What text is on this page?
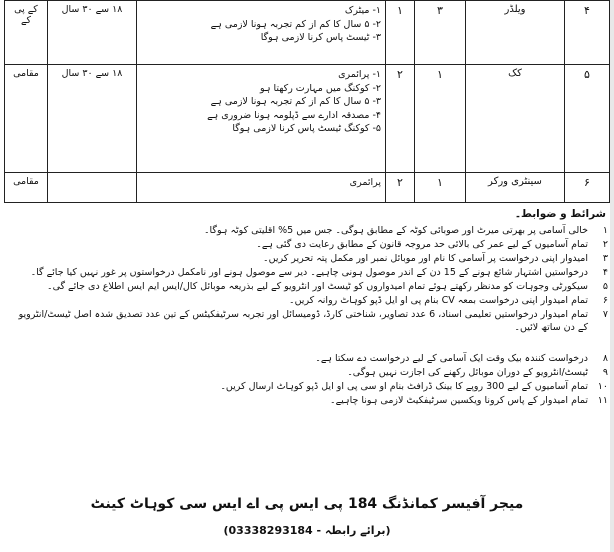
۴	ویلڈر	۳	۱	۱- میٹرک
۲- ۵ سال کا کم از کم تجربہ ہونا لازمی ہے
۳- ٹیسٹ پاس کرنا لازمی ہوگا	۱۸ سے ۳۰ سال	کے پی کے
۵	کک	۱	۲	۱- پرائمری
۲- کوکنگ میں مہارت رکھتا ہو
۳- ۵ سال کا کم از کم تجربہ ہونا لازمی ہے
۴- مصدقہ ادارے سے ڈپلومہ ہونا ضروری ہے
۵- کوکنگ ٹیسٹ پاس کرنا لازمی ہوگا	۱۸ سے ۳۰ سال	مقامی
۶	سینٹری ورکر	۱	۲	پرائمری		مقامی
شرائط و ضوابط۔
۱
خالی آسامی پر بھرتی میرٹ اور صوبائی کوٹہ کے مطابق ہوگی۔ جس میں 5% اقلیتی کوٹہ ہوگا۔
۲
تمام آسامیوں کے لیے عمر کی بالائی حد مروجہ قانون کے مطابق رعایت دی گئی ہے۔
۳
امیدوار اپنی درخواست پر آسامی کا نام اور موبائل نمبر اور مکمل پتہ تحریر کریں۔
۴
درخواستیں اشتہار شائع ہونے کے 15 دن کے اندر موصول ہونی چاہیے۔ دیر سے موصول ہونے اور نامکمل درخواستوں پر غور نہیں کیا جائے گا۔
۵
سیکورٹی وجوہات کو مدنظر رکھتے ہوئے تمام امیدواروں کو ٹیسٹ اور انٹرویو کے لیے بذریعہ موبائل کال/ایس ایم ایس اطلاع دی جائے گی۔
۶
تمام امیدوار اپنی درخواست بمعہ CV بنام پی او ایل ڈپو کوہاٹ روانہ کریں۔
۷
تمام امیدوار درخواستیں تعلیمی اسناد، 6 عدد تصاویر، شناختی کارڈ، ڈومیسائل اور تجربہ سرٹیفکیٹس کے تین عدد تصدیق شدہ اصل ٹیسٹ/انٹرویو کے دن ساتھ لائیں۔
۸
درخواست کنندہ بیک وقت ایک آسامی کے لیے درخواست دے سکتا ہے۔
۹
ٹیسٹ/انٹرویو کے دوران موبائل رکھنے کی اجازت نہیں ہوگی۔
۱۰
تمام آسامیوں کے لیے 300 روپے کا بینک ڈرافٹ بنام او سی پی او ایل ڈپو کوہاٹ ارسال کریں۔
۱۱
تمام امیدوار کے پاس کرونا ویکسین سرٹیفکیٹ لازمی ہونا چاہیے۔
میجر آفیسر کمانڈنگ 184 پی ایس پی اے ایس سی کوہاٹ کینٹ
(برائے رابطہ - 03338293184)
